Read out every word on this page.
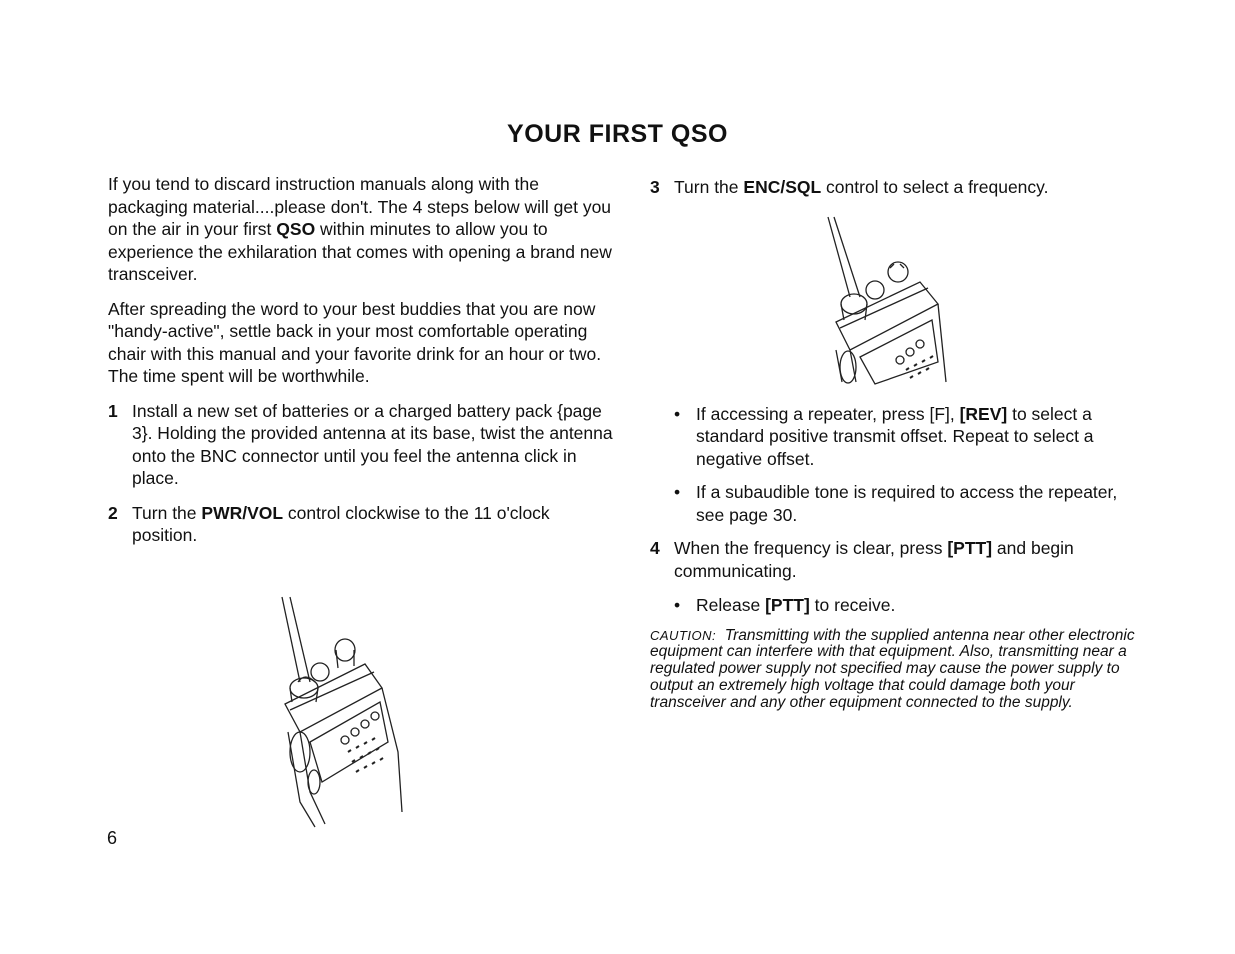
YOUR FIRST QSO

If you tend to discard instruction manuals along with the packaging material....please don't. The 4 steps below will get you on the air in your first QSO within minutes to allow you to experience the exhilaration that comes with opening a brand new transceiver.

After spreading the word to your best buddies that you are now "handy-active", settle back in your most comfortable operating chair with this manual and your favorite drink for an hour or two. The time spent will be worthwhile.

1 Install a new set of batteries or a charged battery pack {page 3}. Holding the provided antenna at its base, twist the antenna onto the BNC connector until you feel the antenna click in place.
2 Turn the PWR/VOL control clockwise to the 11 o'clock position.
3 Turn the ENC/SQL control to select a frequency.
• If accessing a repeater, press [F], [REV] to select a standard positive transmit offset. Repeat to select a negative offset.
• If a subaudible tone is required to access the repeater, see page 30.
4 When the frequency is clear, press [PTT] and begin communicating.
• Release [PTT] to receive.

CAUTION: Transmitting with the supplied antenna near other electronic equipment can interfere with that equipment. Also, transmitting near a regulated power supply not specified may cause the power supply to output an extremely high voltage that could damage both your transceiver and any other equipment connected to the supply.

6
